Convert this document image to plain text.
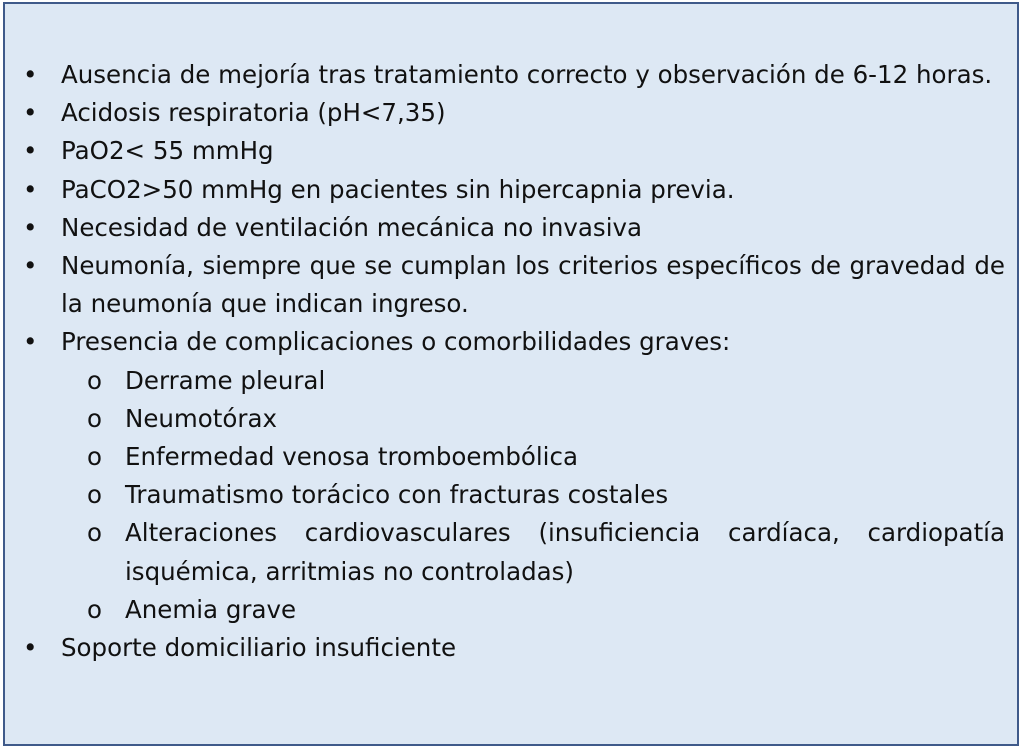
• Ausencia de mejoría tras tratamiento correcto y observación de 6-12 horas.
• Acidosis respiratoria (pH<7,35)
• PaO2< 55 mmHg
• PaCO2>50 mmHg en pacientes sin hipercapnia previa.
• Necesidad de ventilación mecánica no invasiva
• Neumonía, siempre que se cumplan los criterios específicos de gravedad de la neumonía que indican ingreso.
• Presencia de complicaciones o comorbilidades graves:
o Derrame pleural
o Neumotórax
o Enfermedad venosa tromboembólica
o Traumatismo torácico con fracturas costales
o Alteraciones cardiovasculares (insuficiencia cardíaca, cardiopatía isquémica, arritmias no controladas)
o Anemia grave
• Soporte domiciliario insuficiente
